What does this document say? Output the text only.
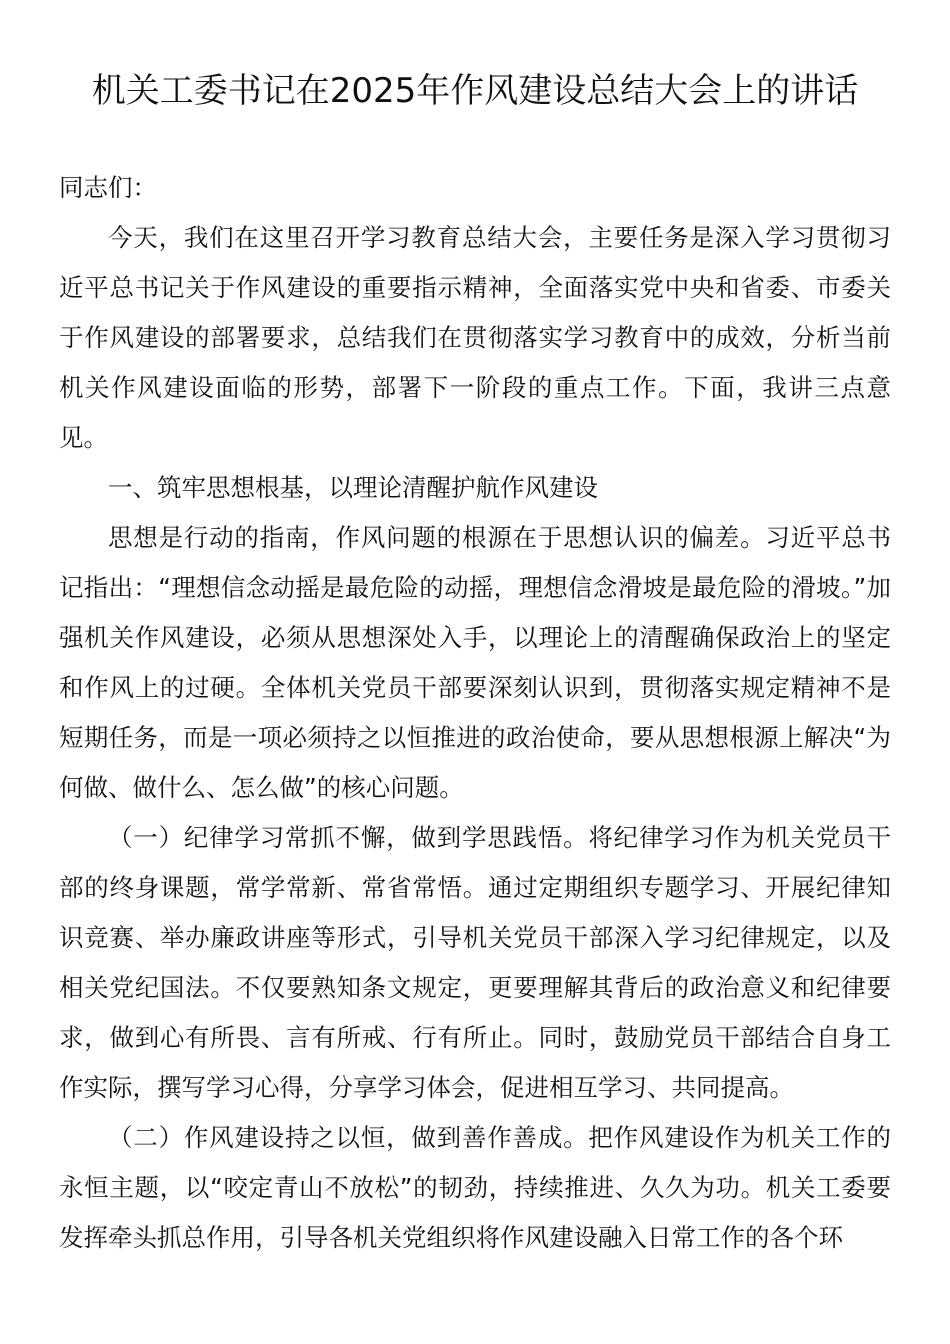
机关工委书记在2025年作风建设总结大会上的讲话

同志们：

今天，我们在这里召开学习教育总结大会，主要任务是深入学习贯彻习近平总书记关于作风建设的重要指示精神，全面落实党中央和省委、市委关于作风建设的部署要求，总结我们在贯彻落实学习教育中的成效，分析当前机关作风建设面临的形势，部署下一阶段的重点工作。下面，我讲三点意见。

一、筑牢思想根基，以理论清醒护航作风建设

思想是行动的指南，作风问题的根源在于思想认识的偏差。习近平总书记指出：“理想信念动摇是最危险的动摇，理想信念滑坡是最危险的滑坡。”加强机关作风建设，必须从思想深处入手，以理论上的清醒确保政治上的坚定和作风上的过硬。全体机关党员干部要深刻认识到，贯彻落实规定精神不是短期任务，而是一项必须持之以恒推进的政治使命，要从思想根源上解决“为何做、做什么、怎么做”的核心问题。

（一）纪律学习常抓不懈，做到学思践悟。将纪律学习作为机关党员干部的终身课题，常学常新、常省常悟。通过定期组织专题学习、开展纪律知识竞赛、举办廉政讲座等形式，引导机关党员干部深入学习纪律规定，以及相关党纪国法。不仅要熟知条文规定，更要理解其背后的政治意义和纪律要求，做到心有所畏、言有所戒、行有所止。同时，鼓励党员干部结合自身工作实际，撰写学习心得，分享学习体会，促进相互学习、共同提高。

（二）作风建设持之以恒，做到善作善成。把作风建设作为机关工作的永恒主题，以“咬定青山不放松”的韧劲，持续推进、久久为功。机关工委要发挥牵头抓总作用，引导各机关党组织将作风建设融入日常工作的各个环
